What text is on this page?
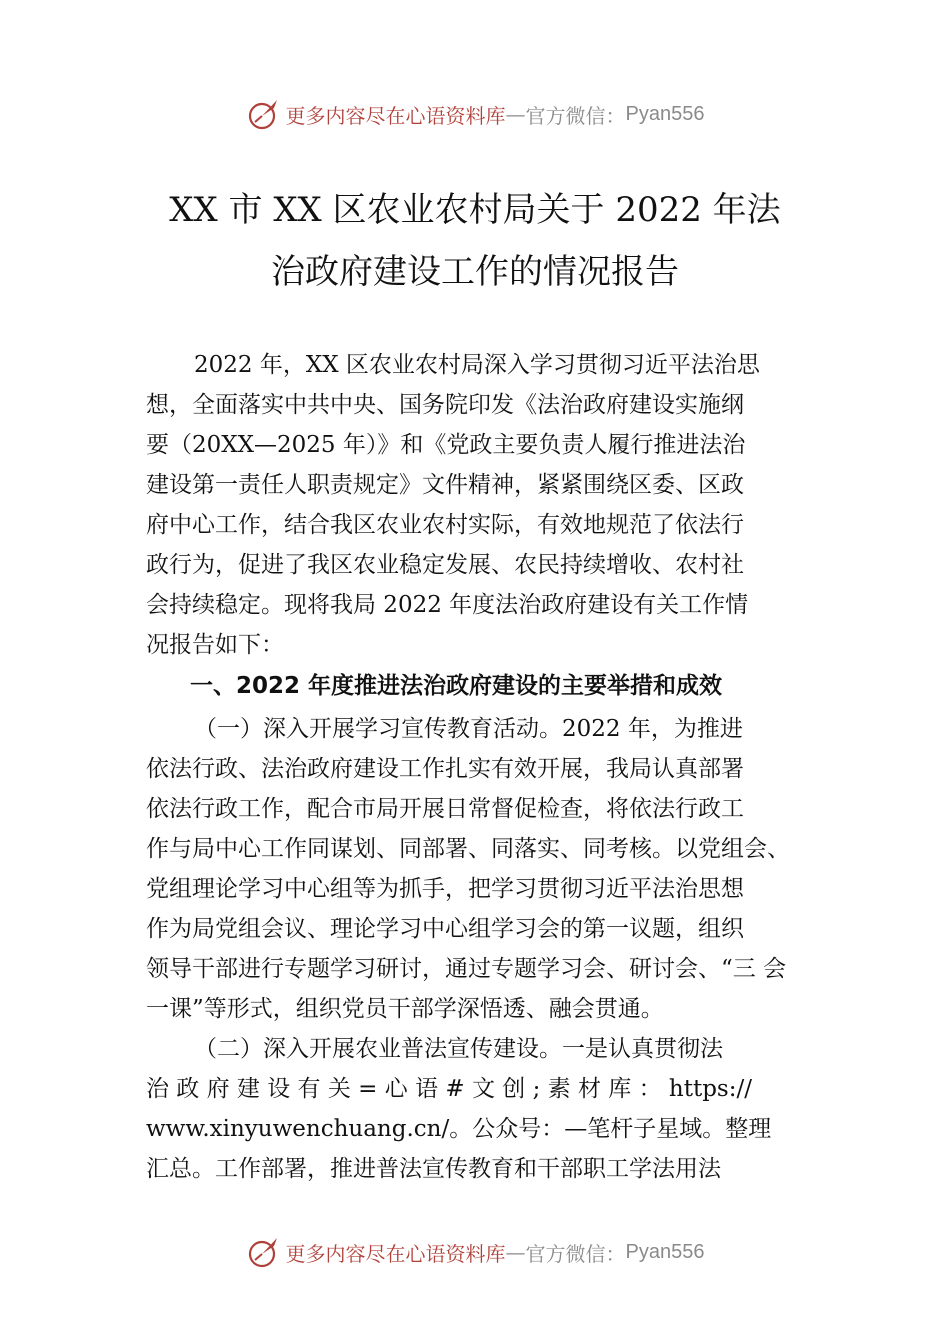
更多内容尽在心语资料库 — 官方微信： Pyan556
XX 市 XX 区农业农村局关于 2022 年法
治政府建设工作的情况报告
2022 年，XX 区农业农村局深入学习贯彻习近平法治思
想，全面落实中共中央、国务院印发《法治政府建设实施纲
要（20XX—2025 年）》和《党政主要负责人履行推进法治
建设第一责任人职责规定》文件精神，紧紧围绕区委、区政
府中心工作，结合我区农业农村实际，有效地规范了依法行
政行为，促进了我区农业稳定发展、农民持续增收、农村社
会持续稳定。现将我局 2022 年度法治政府建设有关工作情
况报告如下：
一、2022 年度推进法治政府建设的主要举措和成效
（一）深入开展学习宣传教育活动。2022 年，为推进
依法行政、法治政府建设工作扎实有效开展，我局认真部署
依法行政工作，配合市局开展日常督促检查，将依法行政工
作与局中心工作同谋划、同部署、同落实、同考核。以党组会、
党组理论学习中心组等为抓手，把学习贯彻习近平法治思想
作为局党组会议、理论学习中心组学习会的第一议题，组织
领导干部进行专题学习研讨，通过专题学习会、研讨会、“三 会
一课”等形式，组织党员干部学深悟透、融会贯通。
（二）深入开展农业普法宣传建设。一是认真贯彻法
治 政 府 建 设 有 关 = 心 语 # 文 创 ; 素 材 库 ： https://
www.xinyuwenchuang.cn/。公众号：—笔杆子星域。整理
汇总。工作部署，推进普法宣传教育和干部职工学法用法
更多内容尽在心语资料库 — 官方微信： Pyan556
